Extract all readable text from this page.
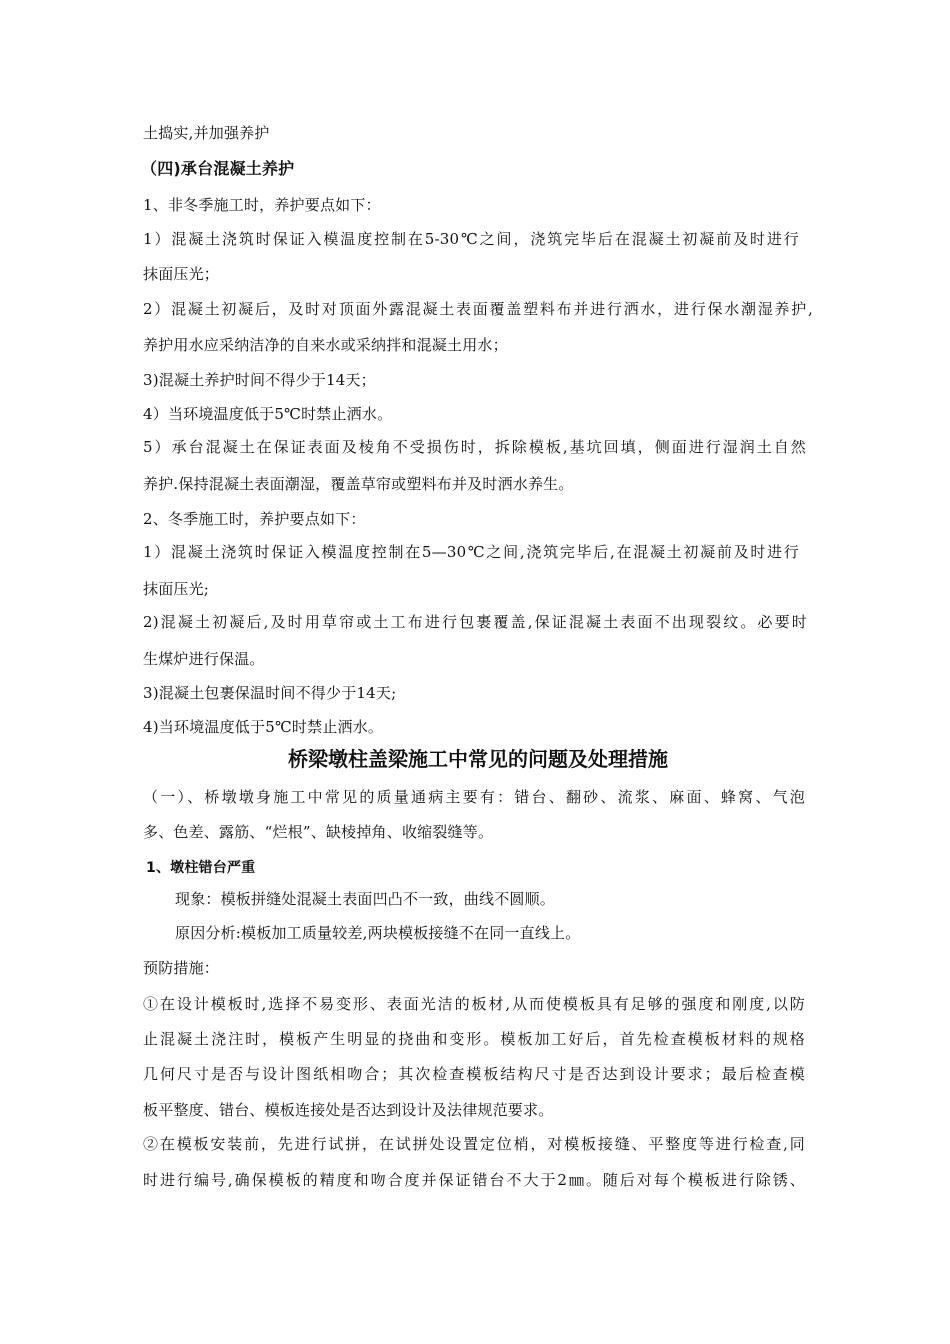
土捣实,并加强养护
（四)承台混凝土养护
1、非冬季施工时，养护要点如下：
1）混凝土浇筑时保证入模温度控制在5-30℃之间，浇筑完毕后在混凝土初凝前及时进行
抹面压光；
2）混凝土初凝后，及时对顶面外露混凝土表面覆盖塑料布并进行洒水，进行保水潮湿养护,
养护用水应采纳洁净的自来水或采纳拌和混凝土用水；
3)混凝土养护时间不得少于14天；
4）当环境温度低于5℃时禁止洒水。
5）承台混凝土在保证表面及棱角不受损伤时，拆除模板,基坑回填，侧面进行湿润土自然
养护.保持混凝土表面潮湿，覆盖草帘或塑料布并及时洒水养生。
2、冬季施工时，养护要点如下：
1）混凝土浇筑时保证入模温度控制在5—30℃之间,浇筑完毕后,在混凝土初凝前及时进行
抹面压光;
2)混凝土初凝后,及时用草帘或土工布进行包裹覆盖,保证混凝土表面不出现裂纹。必要时
生煤炉进行保温。
3)混凝土包裹保温时间不得少于14天;
4)当环境温度低于5℃时禁止洒水。
桥梁墩柱盖梁施工中常见的问题及处理措施
（一）、桥墩墩身施工中常见的质量通病主要有：错台、翻砂、流浆、麻面、蜂窝、气泡
多、色差、露筋、“烂根”、缺棱掉角、收缩裂缝等。
1、墩柱错台严重
现象：模板拼缝处混凝土表面凹凸不一致，曲线不圆顺。
原因分析:模板加工质量较差,两块模板接缝不在同一直线上。
预防措施：
①在设计模板时,选择不易变形、表面光洁的板材,从而使模板具有足够的强度和刚度,以防
止混凝土浇注时，模板产生明显的挠曲和变形。模板加工好后，首先检查模板材料的规格
几何尺寸是否与设计图纸相吻合；其次检查模板结构尺寸是否达到设计要求；最后检查模
板平整度、错台、模板连接处是否达到设计及法律规范要求。
②在模板安装前，先进行试拼，在试拼处设置定位梢，对模板接缝、平整度等进行检查,同
时进行编号,确保模板的精度和吻合度并保证错台不大于2㎜。随后对每个模板进行除锈、
